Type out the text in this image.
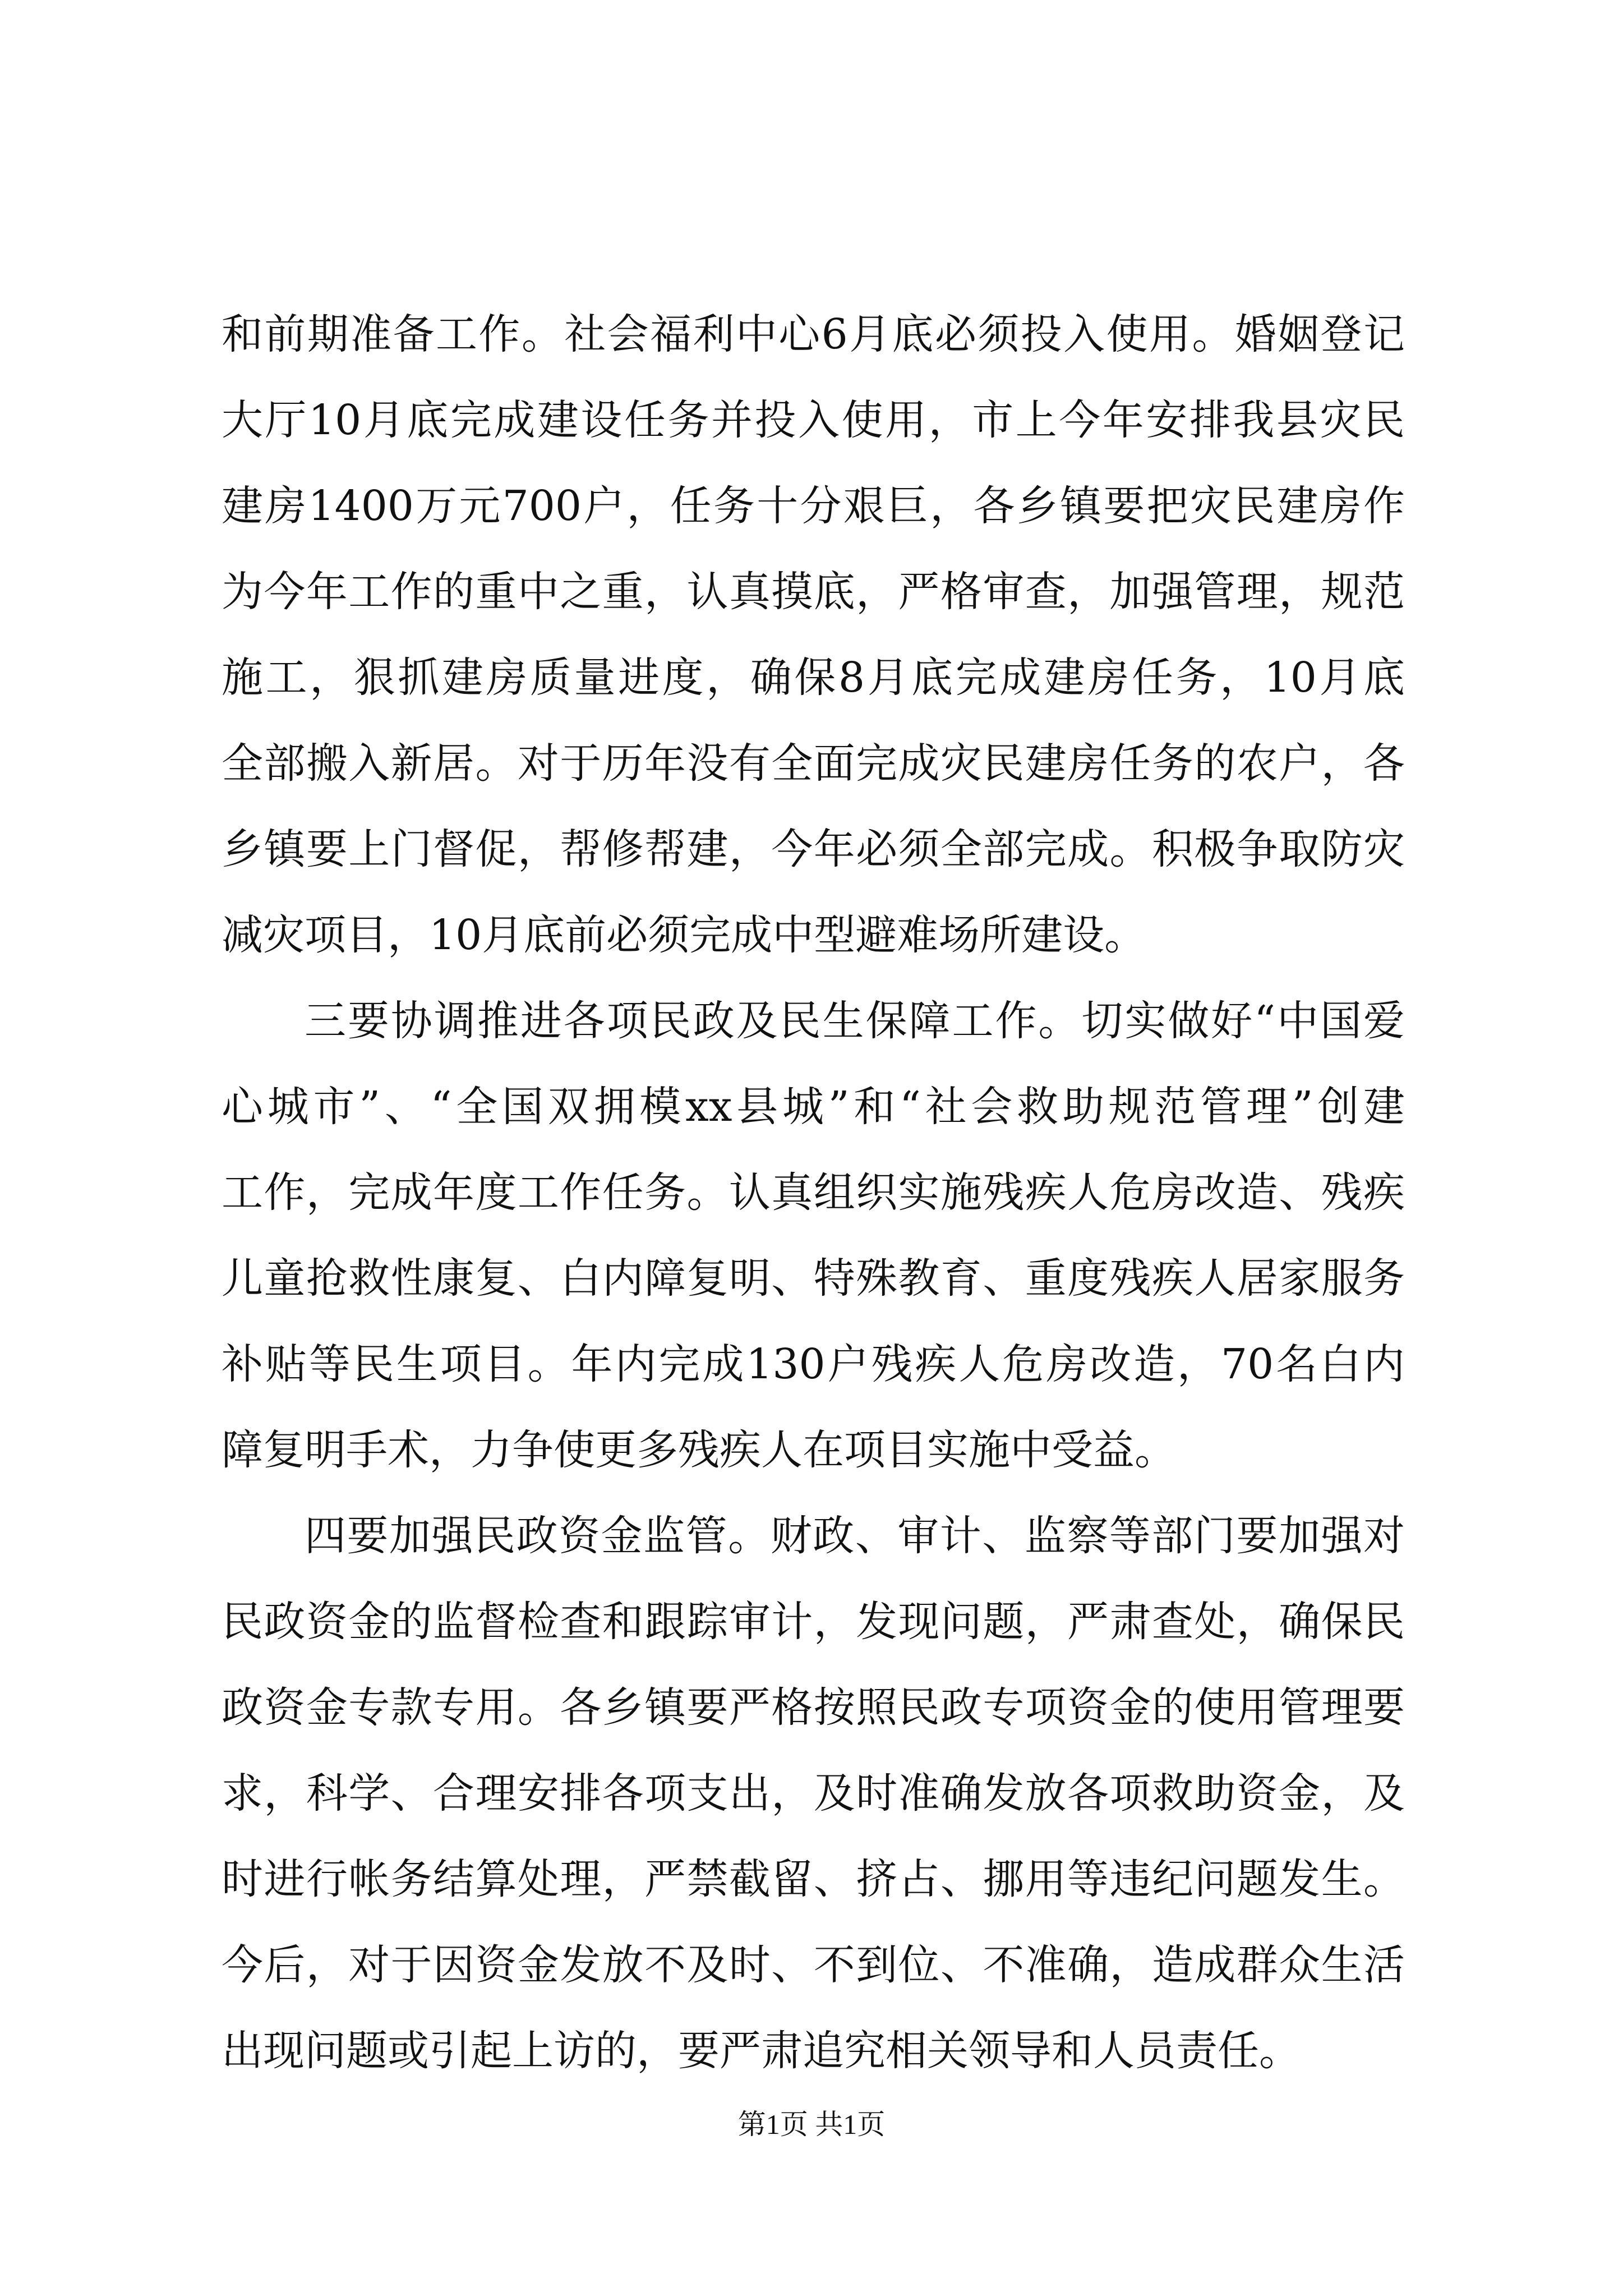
和前期准备工作。社会福利中心6月底必须投入使用。婚姻登记
大厅10月底完成建设任务并投入使用，市上今年安排我县灾民
建房1400万元700户，任务十分艰巨，各乡镇要把灾民建房作
为今年工作的重中之重，认真摸底，严格审查，加强管理，规范
施工，狠抓建房质量进度，确保8月底完成建房任务，10月底
全部搬入新居。对于历年没有全面完成灾民建房任务的农户，各
乡镇要上门督促，帮修帮建，今年必须全部完成。积极争取防灾
减灾项目，10月底前必须完成中型避难场所建设。
三要协调推进各项民政及民生保障工作。切实做好“中国爱
心城市”、“全国双拥模xx县城”和“社会救助规范管理”创建
工作，完成年度工作任务。认真组织实施残疾人危房改造、残疾
儿童抢救性康复、白内障复明、特殊教育、重度残疾人居家服务
补贴等民生项目。年内完成130户残疾人危房改造，70名白内
障复明手术，力争使更多残疾人在项目实施中受益。
四要加强民政资金监管。财政、审计、监察等部门要加强对
民政资金的监督检查和跟踪审计，发现问题，严肃查处，确保民
政资金专款专用。各乡镇要严格按照民政专项资金的使用管理要
求，科学、合理安排各项支出，及时准确发放各项救助资金，及
时进行帐务结算处理，严禁截留、挤占、挪用等违纪问题发生。
今后，对于因资金发放不及时、不到位、不准确，造成群众生活
出现问题或引起上访的，要严肃追究相关领导和人员责任。
第1页 共1页
